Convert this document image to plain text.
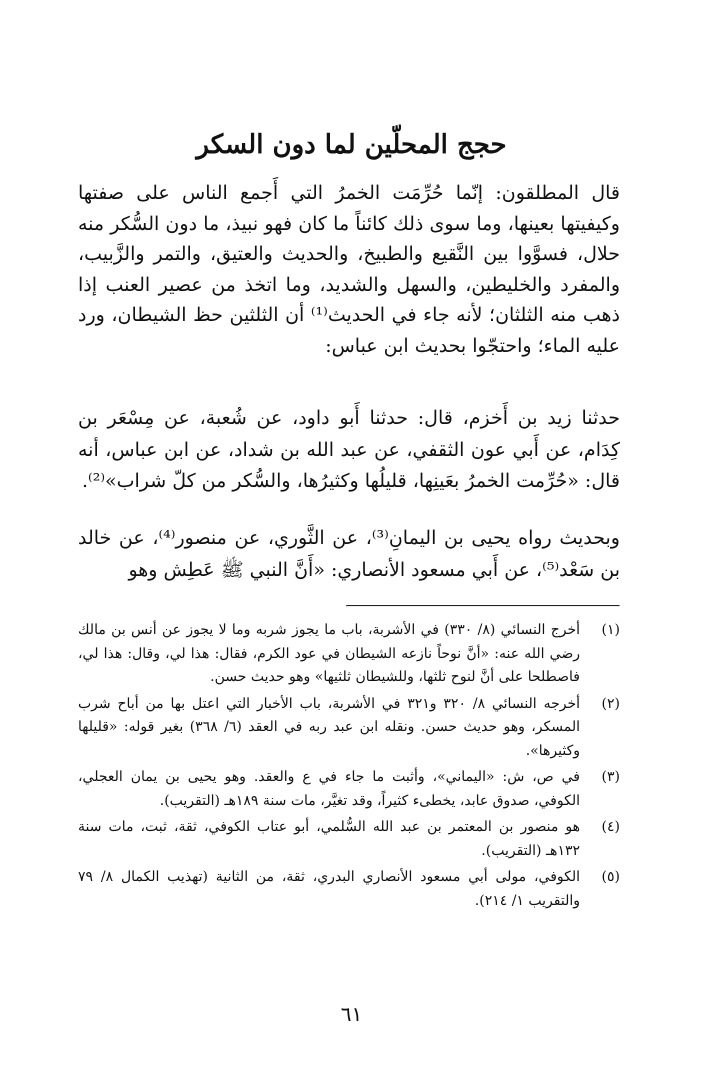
حجج المحلّين لما دون السكر

قال المطلقون: إنّما حُرِّمَت الخمرُ التي أَجمع الناس على صفتها وكيفيتها بعينها، وما سوى ذلك كائناً ما كان فهو نبيذ، ما دون السُّكر منه حلال، فسوَّوا بين النَّقيع والطبيخ، والحديث والعتيق، والتمر والزَّبيب، والمفرد والخليطين، والسهل والشديد، وما اتخذ من عصير العنب إذا ذهب منه الثلثان؛ لأنه جاء في الحديث⁽¹⁾ أن الثلثين حظ الشيطان، ورد عليه الماء؛ واحتجّوا بحديث ابن عباس:

حدثنا زيد بن أَخزم، قال: حدثنا أَبو داود، عن شُعبة، عن مِسْعَر بن كِدَام، عن أَبي عون الثقفي، عن عبد الله بن شداد، عن ابن عباس، أنه قال: «حُرِّمت الخمرُ بعَينِها، قليلُها وكثيرُها، والسُّكر من كلّ شراب»⁽²⁾.

وبحديث رواه يحيى بن اليمانِ⁽³⁾، عن الثَّوري، عن منصور⁽⁴⁾، عن خالد بن سَعْد⁽⁵⁾، عن أَبي مسعود الأنصاري: «أَنَّ النبي ﷺ عَطِش وهو

(١)
أخرج النسائي (٨/ ٣٣٠) في الأشربة، باب ما يجوز شربه وما لا يجوز عن أنس بن مالك رضي الله عنه: «أنَّ نوحاً نازعه الشيطان في عود الكرم، فقال: هذا لي، وقال: هذا لي، فاصطلحا على أنَّ لنوح ثلثها، وللشيطان ثلثيها» وهو حديث حسن.
(٢)
أخرجه النسائي ٨/ ٣٢٠ و٣٢١ في الأشربة، باب الأخبار التي اعتل بها من أباح شرب المسكر، وهو حديث حسن. ونقله ابن عبد ربه في العقد (٦/ ٣٦٨) بغير قوله: «قليلها وكثيرها».
(٣)
في ص، ش: «اليماني»، وأثبت ما جاء في ع والعقد. وهو يحيى بن يمان العجلي، الكوفي، صدوق عابد، يخطىء كثيراً، وقد تغيَّر، مات سنة ١٨٩هـ (التقريب).
(٤)
هو منصور بن المعتمر بن عبد الله السُّلمي، أبو عتاب الكوفي، ثقة، ثبت، مات سنة ١٣٢هـ (التقريب).
(٥)
الكوفي، مولى أبي مسعود الأنصاري البدري، ثقة، من الثانية (تهذيب الكمال ٨/ ٧٩ والتقريب ١/ ٢١٤).
٦١
